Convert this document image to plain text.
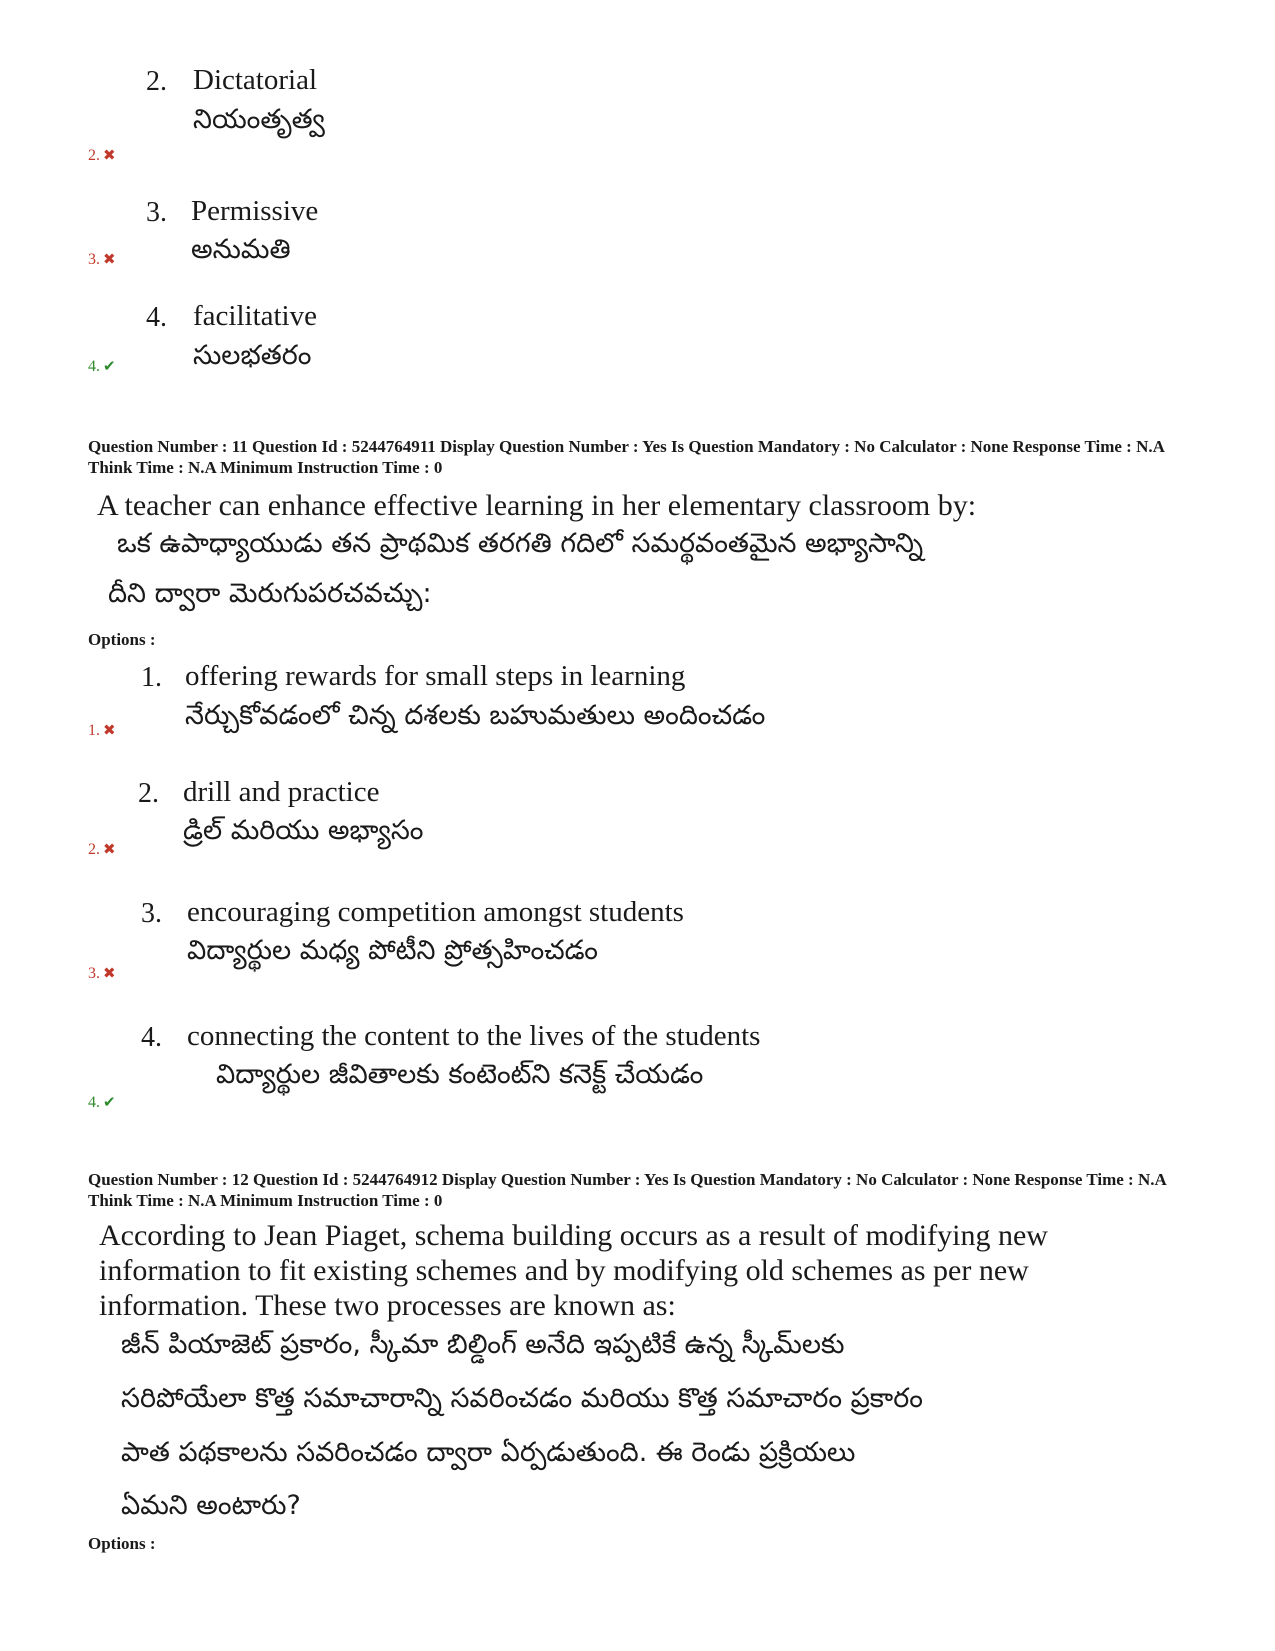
2. Dictatorial
నియంతృత్వ
2. ✖
3. Permissive
అనుమతి
3. ✖
4. facilitative
సులభతరం
4. ✔
Question Number : 11 Question Id : 5244764911 Display Question Number : Yes Is Question Mandatory : No Calculator : None Response Time : N.A Think Time : N.A Minimum Instruction Time : 0
A teacher can enhance effective learning in her elementary classroom by:
ఒక ఉపాధ్యాయుడు తన ప్రాథమిక తరగతి గదిలో సమర్థవంతమైన అభ్యాసాన్ని
దీని ద్వారా మెరుగుపరచవచ్చు:
Options :
1. offering rewards for small steps in learning
నేర్చుకోవడంలో చిన్న దశలకు బహుమతులు అందించడం
1. ✖
2. drill and practice
డ్రిల్ మరియు అభ్యాసం
2. ✖
3. encouraging competition amongst students
విద్యార్థుల మధ్య పోటీని ప్రోత్సహించడం
3. ✖
4. connecting the content to the lives of the students
విద్యార్థుల జీవితాలకు కంటెంట్‌ని కనెక్ట్ చేయడం
4. ✔
Question Number : 12 Question Id : 5244764912 Display Question Number : Yes Is Question Mandatory : No Calculator : None Response Time : N.A Think Time : N.A Minimum Instruction Time : 0
According to Jean Piaget, schema building occurs as a result of modifying new information to fit existing schemes and by modifying old schemes as per new information. These two processes are known as:
జీన్ పియాజెట్ ప్రకారం, స్కీమా బిల్డింగ్ అనేది ఇప్పటికే ఉన్న స్కీమ్‌లకు
సరిపోయేలా కొత్త సమాచారాన్ని సవరించడం మరియు కొత్త సమాచారం ప్రకారం
పాత పథకాలను సవరించడం ద్వారా ఏర్పడుతుంది. ఈ రెండు ప్రక్రియలు
ఏమని అంటారు?
Options :
